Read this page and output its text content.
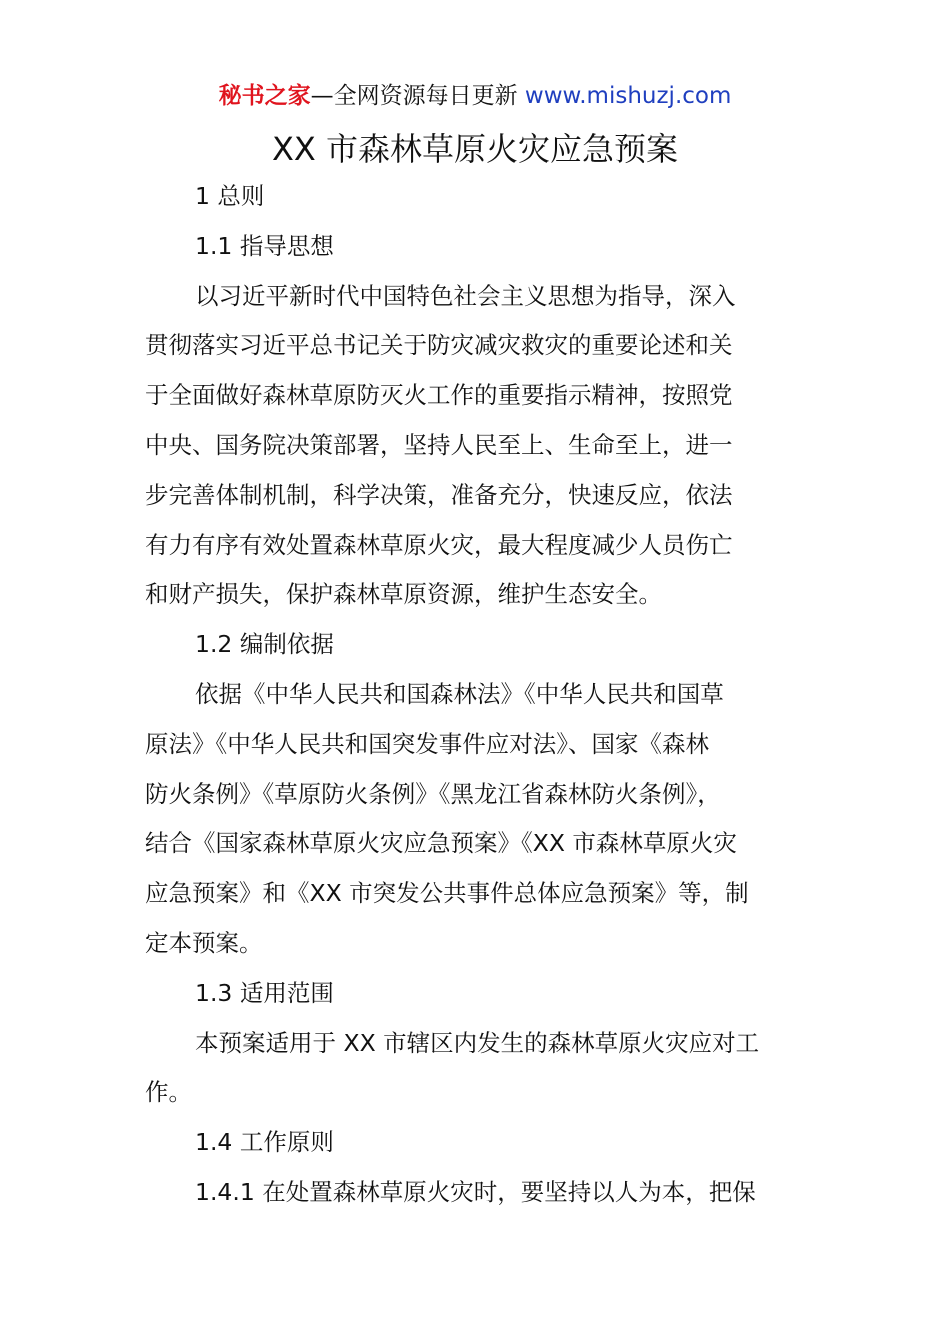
秘书之家—全网资源每日更新 www.mishuzj.com
XX 市森林草原火灾应急预案
1 总则
1.1 指导思想
以习近平新时代中国特色社会主义思想为指导，深入
贯彻落实习近平总书记关于防灾减灾救灾的重要论述和关
于全面做好森林草原防灭火工作的重要指示精神，按照党
中央、国务院决策部署，坚持人民至上、生命至上，进一
步完善体制机制，科学决策，准备充分，快速反应，依法
有力有序有效处置森林草原火灾，最大程度减少人员伤亡
和财产损失，保护森林草原资源，维护生态安全。
1.2 编制依据
依据《中华人民共和国森林法》《中华人民共和国草
原法》《中华人民共和国突发事件应对法》、国家《森林
防火条例》《草原防火条例》《黑龙江省森林防火条例》，
结合《国家森林草原火灾应急预案》《XX 市森林草原火灾
应急预案》和《XX 市突发公共事件总体应急预案》等，制
定本预案。
1.3 适用范围
本预案适用于 XX 市辖区内发生的森林草原火灾应对工
作。
1.4 工作原则
1.4.1 在处置森林草原火灾时，要坚持以人为本，把保
